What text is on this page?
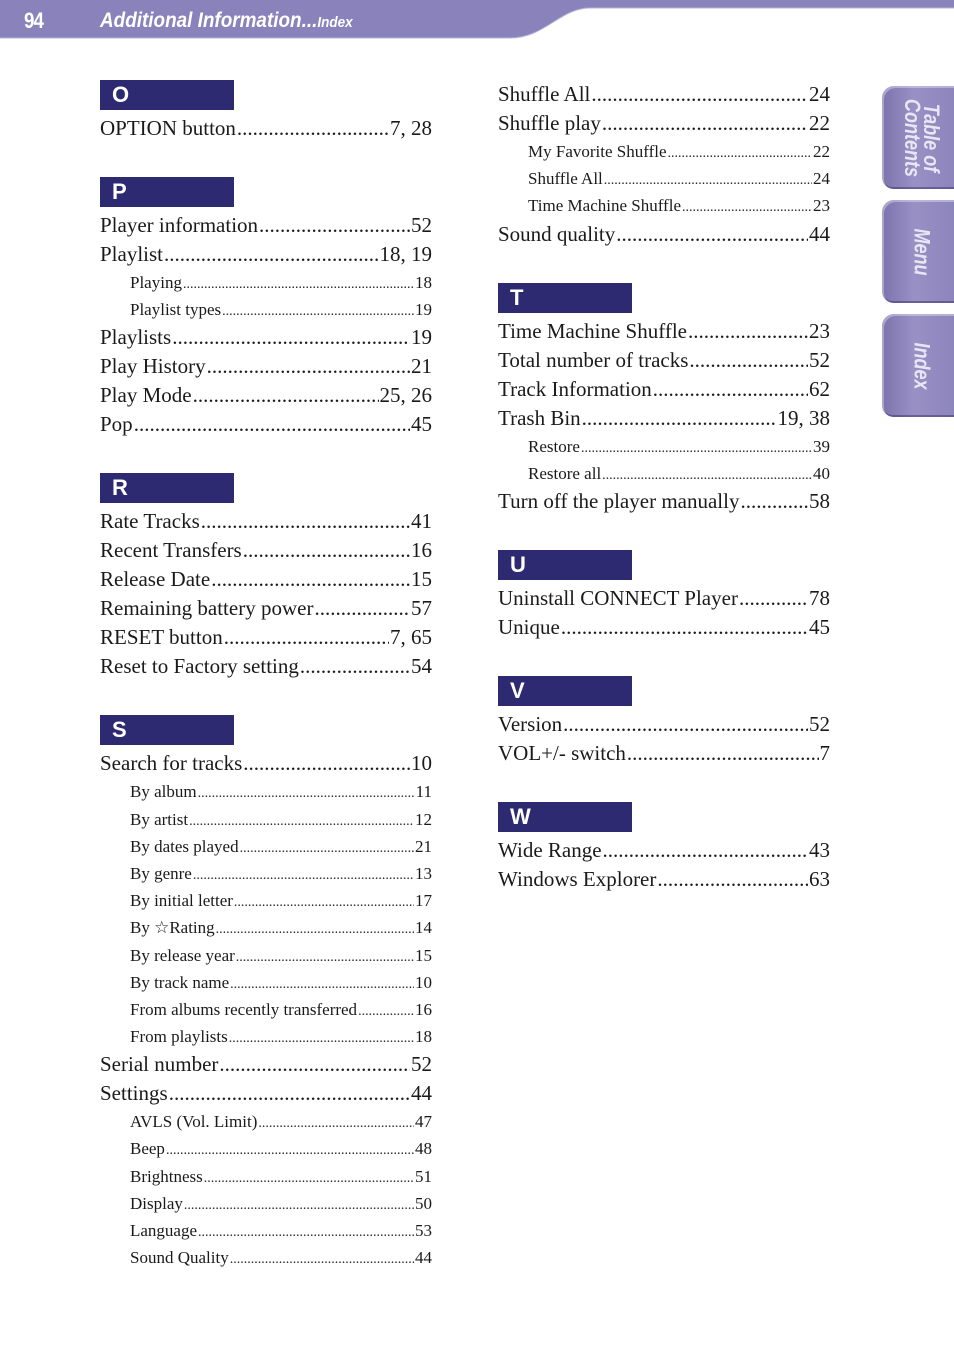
94	Additional Information...Index
Table of
Contents
Menu
Index
O
OPTION button .....	7, 28
P
Player information .....	52
Playlist .....	18, 19
Playing .....	18
Playlist types .....	19
Playlists .....	19
Play History .....	21
Play Mode .....	25, 26
Pop .....	45
R
Rate Tracks .....	41
Recent Transfers .....	16
Release Date .....	15
Remaining battery power .....	57
RESET button .....	7, 65
Reset to Factory setting .....	54
S
Search for tracks .....	10
By album .....	11
By artist .....	12
By dates played .....	21
By genre .....	13
By initial letter .....	17
By ☆Rating .....	14
By release year .....	15
By track name .....	10
From albums recently transferred .....	16
From playlists .....	18
Serial number .....	52
Settings .....	44
AVLS (Vol. Limit) .....	47
Beep .....	48
Brightness .....	51
Display .....	50
Language .....	53
Sound Quality .....	44
Shuffle All .....	24
Shuffle play .....	22
My Favorite Shuffle .....	22
Shuffle All .....	24
Time Machine Shuffle .....	23
Sound quality .....	44
T
Time Machine Shuffle .....	23
Total number of tracks .....	52
Track Information .....	62
Trash Bin .....	19, 38
Restore .....	39
Restore all .....	40
Turn off the player manually .....	58
U
Uninstall CONNECT Player .....	78
Unique .....	45
V
Version .....	52
VOL+/- switch .....	7
W
Wide Range .....	43
Windows Explorer .....	63
